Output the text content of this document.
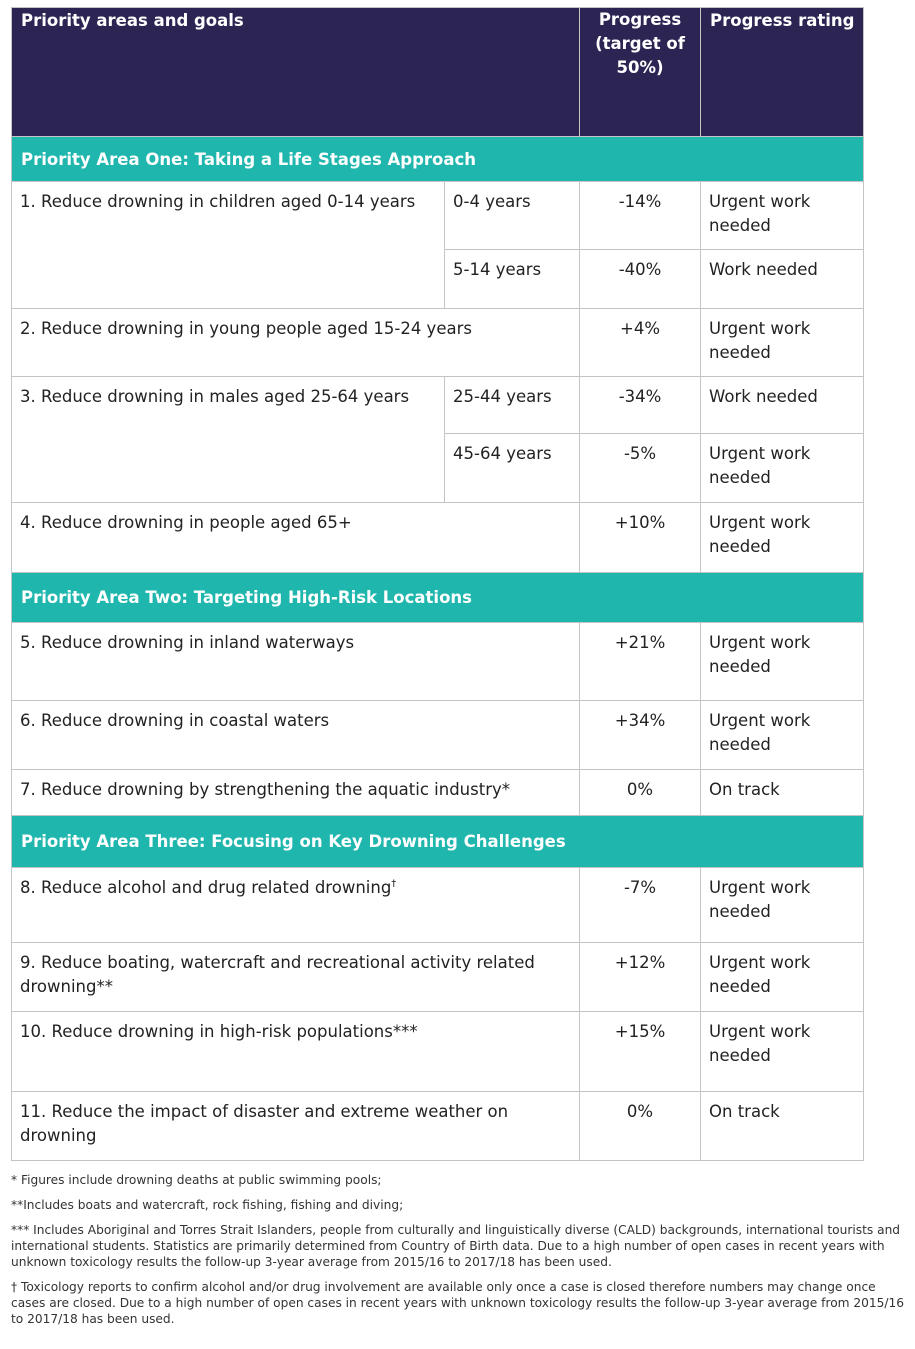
Priority areas and goals		Progress (target of 50%)	Progress rating
Priority Area One: Taking a Life Stages Approach			
1. Reduce drowning in children aged 0-14 years	0-4 years	-14%	Urgent work needed
	5-14 years	-40%	Work needed
2. Reduce drowning in young people aged 15-24 years		+4%	Urgent work needed
3. Reduce drowning in males aged 25-64 years	25-44 years	-34%	Work needed
	45-64 years	-5%	Urgent work needed
4. Reduce drowning in people aged 65+		+10%	Urgent work needed
Priority Area Two: Targeting High-Risk Locations			
5. Reduce drowning in inland waterways		+21%	Urgent work needed
6. Reduce drowning in coastal waters		+34%	Urgent work needed
7. Reduce drowning by strengthening the aquatic industry*		0%	On track
Priority Area Three: Focusing on Key Drowning Challenges			
8. Reduce alcohol and drug related drowning†		-7%	Urgent work needed
9. Reduce boating, watercraft and recreational activity related drowning**		+12%	Urgent work needed
10. Reduce drowning in high-risk populations***		+15%	Urgent work needed
11. Reduce the impact of disaster and extreme weather on drowning		0%	On track

* Figures include drowning deaths at public swimming pools;

**Includes boats and watercraft, rock fishing, fishing and diving;

*** Includes Aboriginal and Torres Strait Islanders, people from culturally and linguistically diverse (CALD) backgrounds, international tourists and international students. Statistics are primarily determined from Country of Birth data. Due to a high number of open cases in recent years with unknown toxicology results the follow-up 3-year average from 2015/16 to 2017/18 has been used.

† Toxicology reports to confirm alcohol and/or drug involvement are available only once a case is closed therefore numbers may change once cases are closed. Due to a high number of open cases in recent years with unknown toxicology results the follow-up 3-year average from 2015/16 to 2017/18 has been used.
